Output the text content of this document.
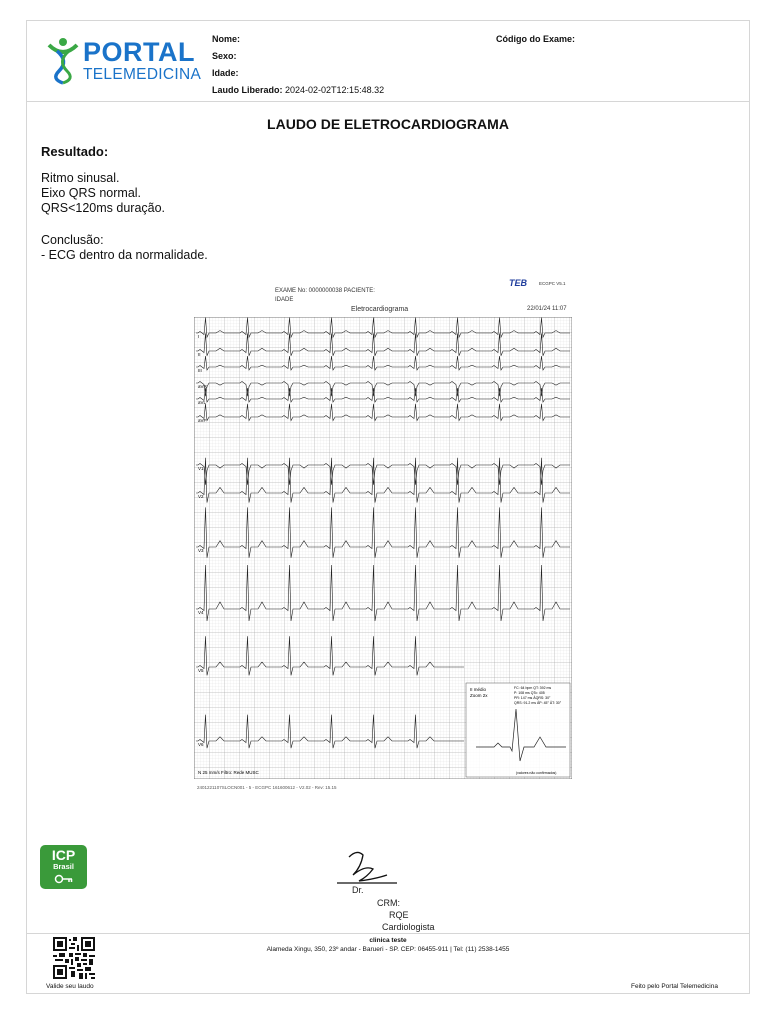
PORTAL
TELEMEDICINA
Nome:
Sexo:
Idade:
Laudo Liberado: 2024-02-02T12:15:48.32
Código do Exame:
LAUDO DE ELETROCARDIOGRAMA
Resultado:
Ritmo sinusal.
Eixo QRS normal.
QRS<120ms duração.
Conclusão:
- ECG dentro da normalidade.
EXAME No: 0000000038 PACIENTE:
IDADE
Eletrocardiograma	22/01/24 11:07
TEB	ECGPC V5.1
I
II
III
aVR
aVL
aVF
V1
V2
V3
V4
V5
V6
II médio
Zoom 2x
FC: 64 bpm QT: 392 ms
P: 108 ms QTc: 405
PR: 147 ms ÂQRS: 30°
QRS: 91.2 ms ÂP: 45° ÂT: 30°
N 25 mm/s Filtro: Rede MUSC	(valores não confirmados)
2401221107SLOCN001 - 5 - ECGPC 161600612 - V2.02 - Rev: 15.15
ICP
Brasil
Dr.
CRM:
RQE
Cardiologista
Valide seu laudo
clinica teste
Alameda Xingu, 350, 23º andar - Barueri - SP. CEP: 06455-911 | Tel: (11) 2538-1455
Feito pelo Portal Telemedicina
